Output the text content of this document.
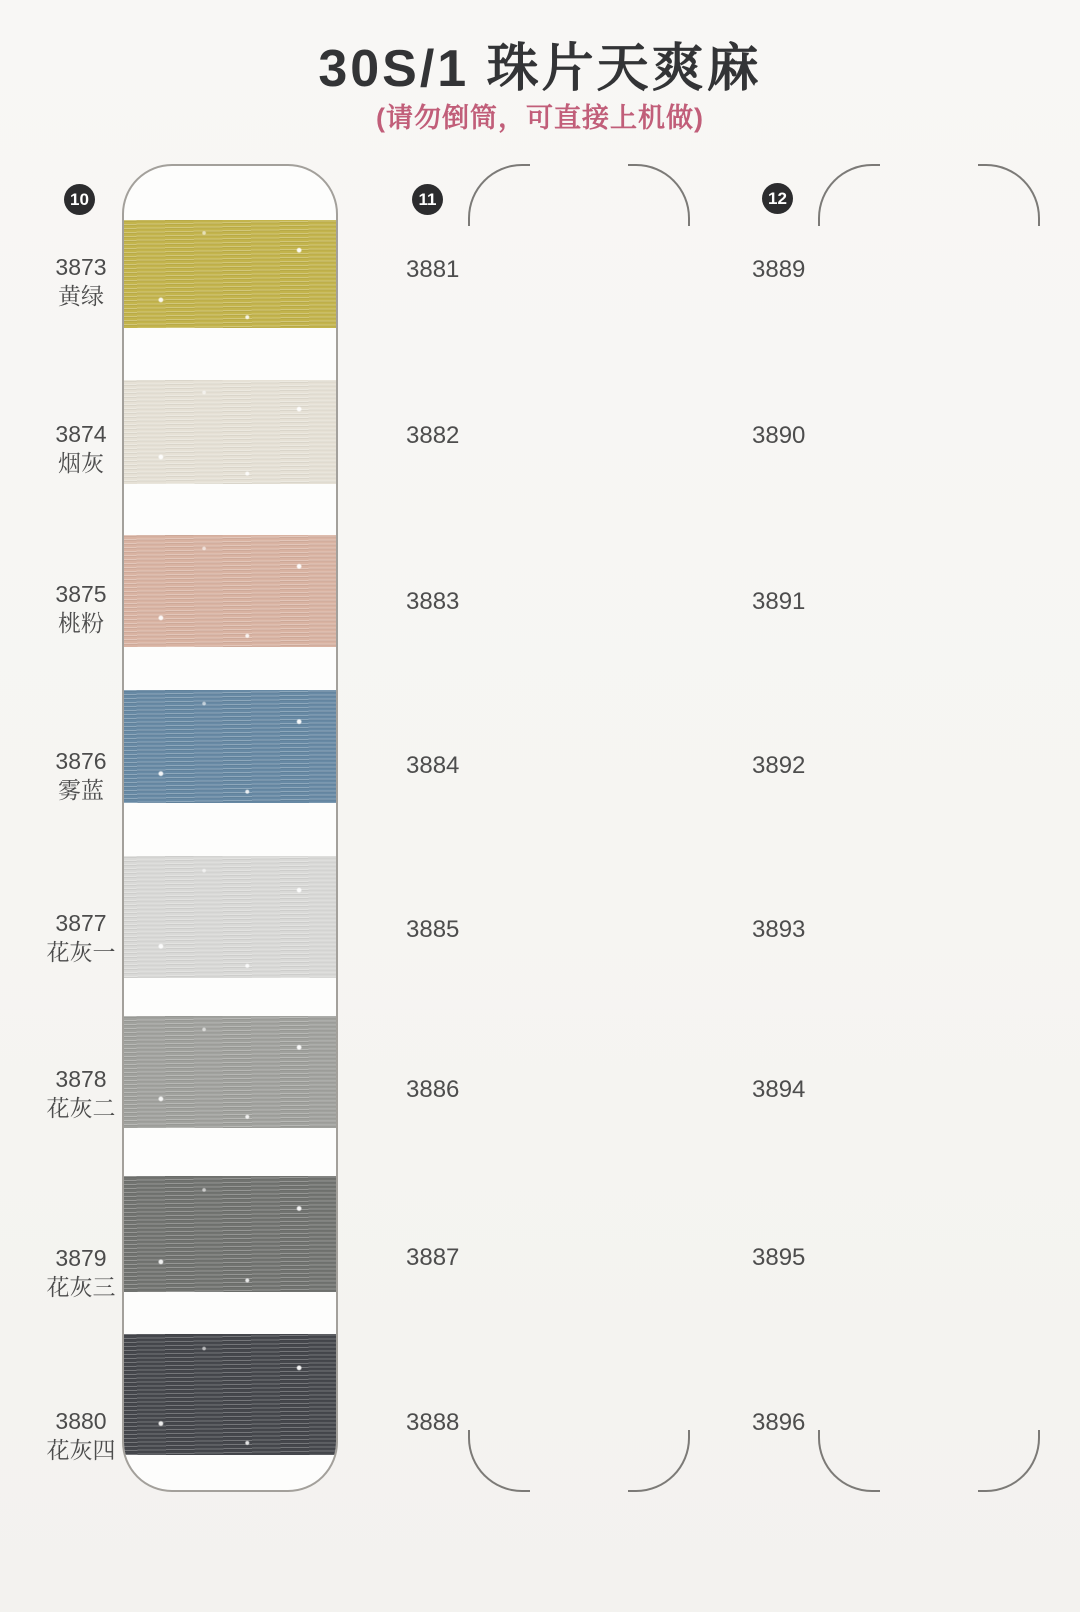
30S/1 珠片天爽麻
(请勿倒筒，可直接上机做)
10
3873
黄绿
3874
烟灰
3875
桃粉
3876
雾蓝
3877
花灰一
3878
花灰二
3879
花灰三
3880
花灰四
11
3881
3882
3883
3884
3885
3886
3887
3888
12
3889
3890
3891
3892
3893
3894
3895
3896
